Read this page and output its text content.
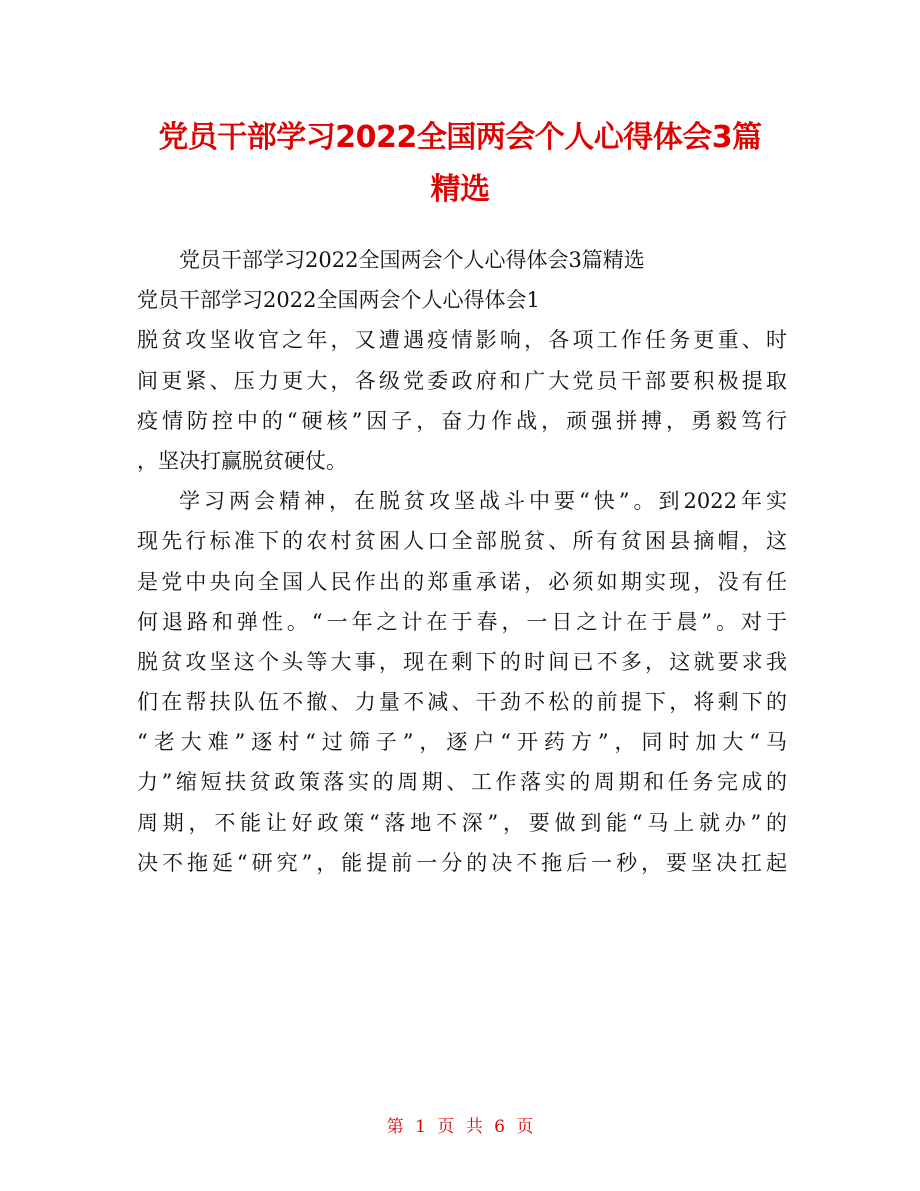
党员干部学习2022全国两会个人心得体会3篇
精选
党员干部学习2022全国两会个人心得体会3篇精选
党员干部学习2022全国两会个人心得体会1
脱贫攻坚收官之年，又遭遇疫情影响，各项工作任务更重、时
间更紧、压力更大，各级党委政府和广大党员干部要积极提取
疫情防控中的“硬核”因子，奋力作战，顽强拼搏，勇毅笃行
，坚决打赢脱贫硬仗。
学习两会精神，在脱贫攻坚战斗中要“快”。到2022年实
现先行标准下的农村贫困人口全部脱贫、所有贫困县摘帽，这
是党中央向全国人民作出的郑重承诺，必须如期实现，没有任
何退路和弹性。“一年之计在于春，一日之计在于晨”。对于
脱贫攻坚这个头等大事，现在剩下的时间已不多，这就要求我
们在帮扶队伍不撤、力量不减、干劲不松的前提下，将剩下的
“老大难”逐村“过筛子”，逐户“开药方”，同时加大“马
力”缩短扶贫政策落实的周期、工作落实的周期和任务完成的
周期，不能让好政策“落地不深”，要做到能“马上就办”的
决不拖延“研究”，能提前一分的决不拖后一秒，要坚决扛起
第 1 页 共 6 页
